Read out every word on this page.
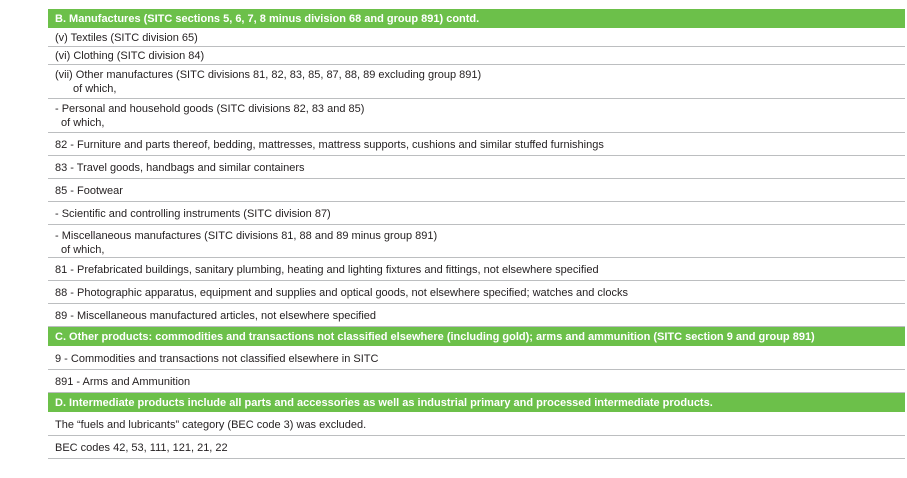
B. Manufactures (SITC sections 5, 6, 7, 8 minus division 68 and group 891) contd.
(v) Textiles (SITC division 65)
(vi) Clothing (SITC division 84)
(vii) Other manufactures (SITC divisions 81, 82, 83, 85, 87, 88, 89 excluding group 891)
of which,
- Personal and household goods (SITC divisions 82, 83 and 85)
of which,
82 - Furniture and parts thereof, bedding, mattresses, mattress supports, cushions and similar stuffed furnishings
83 - Travel goods, handbags and similar containers
85 - Footwear
- Scientific and controlling instruments (SITC division 87)
- Miscellaneous manufactures (SITC divisions 81, 88 and 89 minus group 891)
of which,
81 - Prefabricated buildings, sanitary plumbing, heating and lighting fixtures and fittings, not elsewhere specified
88 - Photographic apparatus, equipment and supplies and optical goods, not elsewhere specified; watches and clocks
89 - Miscellaneous manufactured articles, not elsewhere specified
C. Other products: commodities and transactions not classified elsewhere (including gold); arms and ammunition (SITC section 9 and group 891)
9 - Commodities and transactions not classified elsewhere in SITC
891 - Arms and Ammunition
D. Intermediate products include all parts and accessories as well as industrial primary and processed intermediate products.
The “fuels and lubricants” category (BEC code 3) was excluded.
BEC codes 42, 53, 111, 121, 21, 22
